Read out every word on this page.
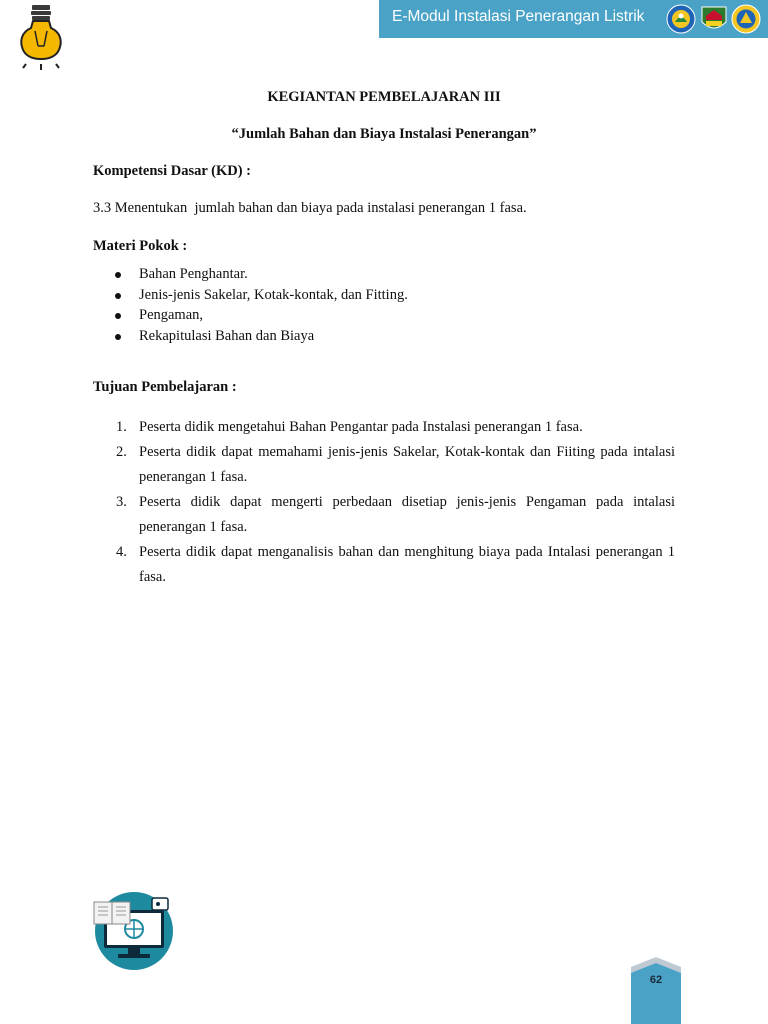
E-Modul Instalasi Penerangan Listrik
KEGIANTAN PEMBELAJARAN III
“Jumlah Bahan dan Biaya Instalasi Penerangan”
Kompetensi Dasar (KD) :
3.3 Menentukan  jumlah bahan dan biaya pada instalasi penerangan 1 fasa.
Materi Pokok :
Bahan Penghantar.
Jenis-jenis Sakelar, Kotak-kontak, dan Fitting.
Pengaman,
Rekapitulasi Bahan dan Biaya
Tujuan Pembelajaran :
1. Peserta didik mengetahui Bahan Pengantar pada Instalasi penerangan 1 fasa.
2. Peserta didik dapat memahami jenis-jenis Sakelar, Kotak-kontak dan Fiiting pada intalasi penerangan 1 fasa.
3. Peserta didik dapat mengerti perbedaan disetiap jenis-jenis Pengaman pada intalasi penerangan 1 fasa.
4. Peserta didik dapat menganalisis bahan dan menghitung biaya pada Intalasi penerangan 1 fasa.
62
